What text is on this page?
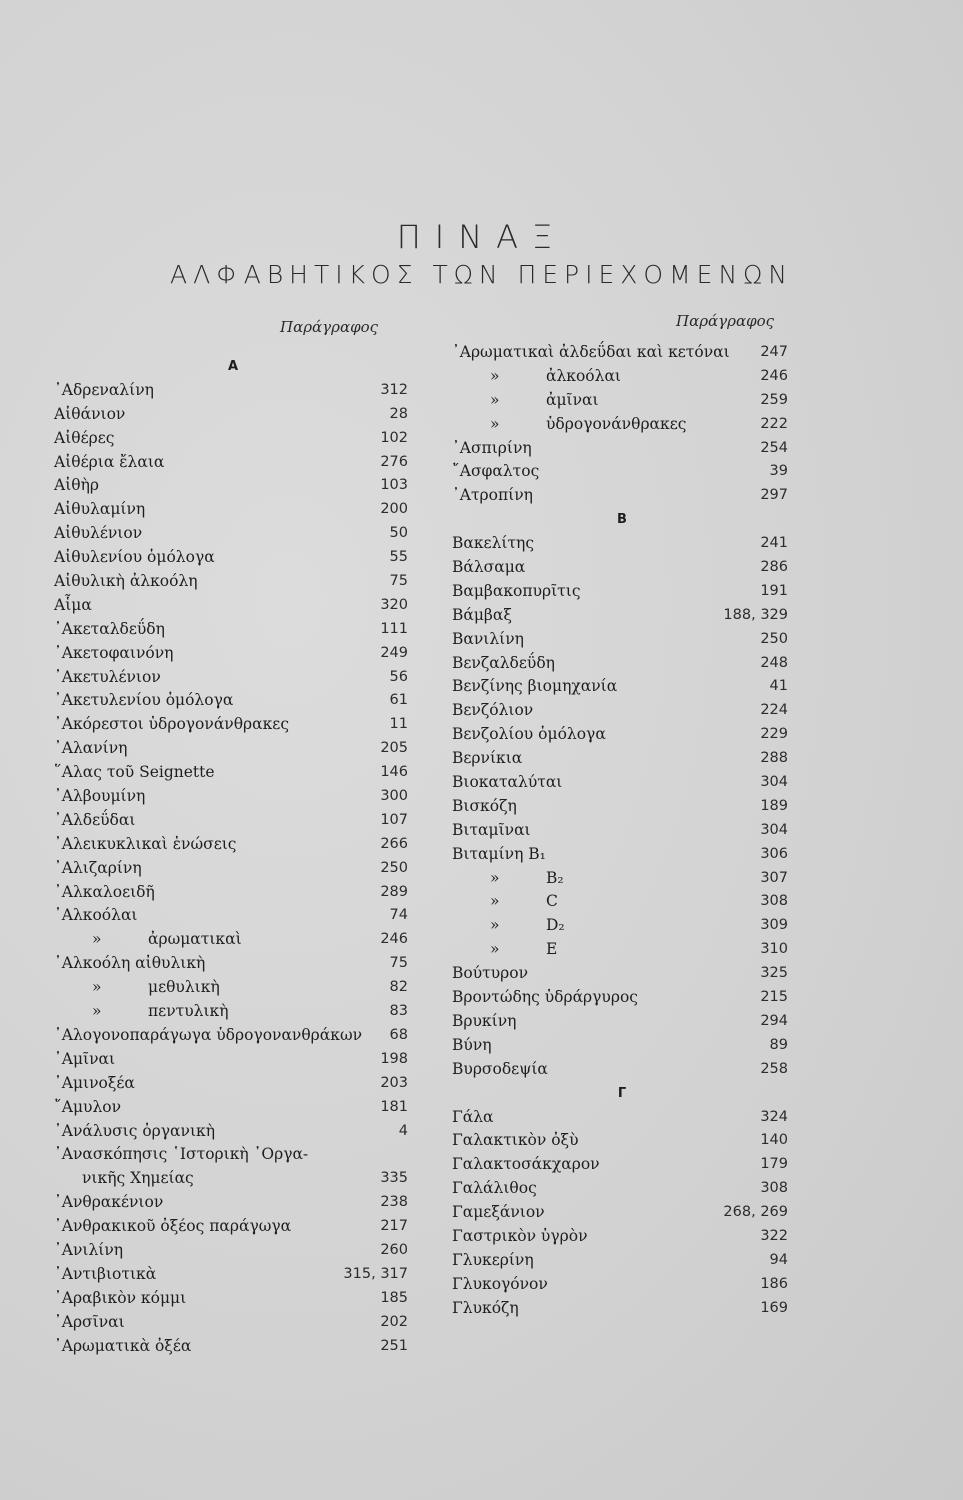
ΠΙΝΑΞ
ΑΛΦΑΒΗΤΙΚΟΣ ΤΩΝ ΠΕΡΙΕΧΟΜΕΝΩΝ
Παράγραφος	Παράγραφος
Α
᾿Αδρεναλίνη	312
Αἰθάνιον	28
Αἰθέρες	102
Αἰθέρια ἔλαια	276
Αἰθὴρ	103
Αἰθυλαμίνη	200
Αἰθυλένιον	50
Αἰθυλενίου ὁμόλογα	55
Αἰθυλικὴ ἀλκοόλη	75
Αἷμα	320
᾿Ακεταλδεΰδη	111
᾿Ακετοφαινόνη	249
᾿Ακετυλένιον	56
᾿Ακετυλενίου ὁμόλογα	61
᾿Ακόρεστοι ὑδρογονάνθρακες	11
᾿Αλανίνη	205
῞Αλας τοῦ Seignette	146
᾿Αλβουμίνη	300
᾿Αλδεΰδαι	107
᾿Αλεικυκλικαὶ ἑνώσεις	266
᾿Αλιζαρίνη	250
᾿Αλκαλοειδῆ	289
᾿Αλκοόλαι	74
»	ἀρωματικαὶ	246
᾿Αλκοόλη αἰθυλικὴ	75
»	μεθυλικὴ	82
»	πεντυλικὴ	83
᾿Αλογονοπαράγωγα ὑδρογονανθράκων 68
᾿Αμῖναι	198
᾿Αμινοξέα	203
῎Αμυλον	181
᾿Ανάλυσις ὀργανικὴ	4
᾿Ανασκόπησις ῾Ιστορικὴ ᾿Οργα-
νικῆς Χημείας	335
᾿Ανθρακένιον	238
᾿Ανθρακικοῦ ὀξέος παράγωγα	217
᾿Ανιλίνη	260
᾿Αντιβιοτικὰ	315, 317
᾿Αραβικὸν κόμμι	185
᾿Αρσῖναι	202
᾿Αρωματικὰ ὀξέα	251
᾿Αρωματικαὶ ἀλδεΰδαι καὶ κετόναι 247
»	ἀλκοόλαι	246
»	ἀμῖναι	259
»	ὑδρογονάνθρακες	222
᾿Ασπιρίνη	254
῎Ασφαλτος	39
᾿Ατροπίνη	297
Β
Βακελίτης	241
Βάλσαμα	286
Βαμβακοπυρῖτις	191
Βάμβαξ	188, 329
Βανιλίνη	250
Βενζαλδεΰδη	248
Βενζίνης βιομηχανία	41
Βενζόλιον	224
Βενζολίου ὁμόλογα	229
Βερνίκια	288
Βιοκαταλύται	304
Βισκόζη	189
Βιταμῖναι	304
Βιταμίνη B₁	306
»	B₂	307
»	C	308
»	D₂	309
»	E	310
Βούτυρον	325
Βροντώδης ὑδράργυρος	215
Βρυκίνη	294
Βύνη	89
Βυρσοδεψία	258
Γ
Γάλα	324
Γαλακτικὸν ὀξὺ	140
Γαλακτοσάκχαρον	179
Γαλάλιθος	308
Γαμεξάνιον	268, 269
Γαστρικὸν ὑγρὸν	322
Γλυκερίνη	94
Γλυκογόνον	186
Γλυκόζη	169
